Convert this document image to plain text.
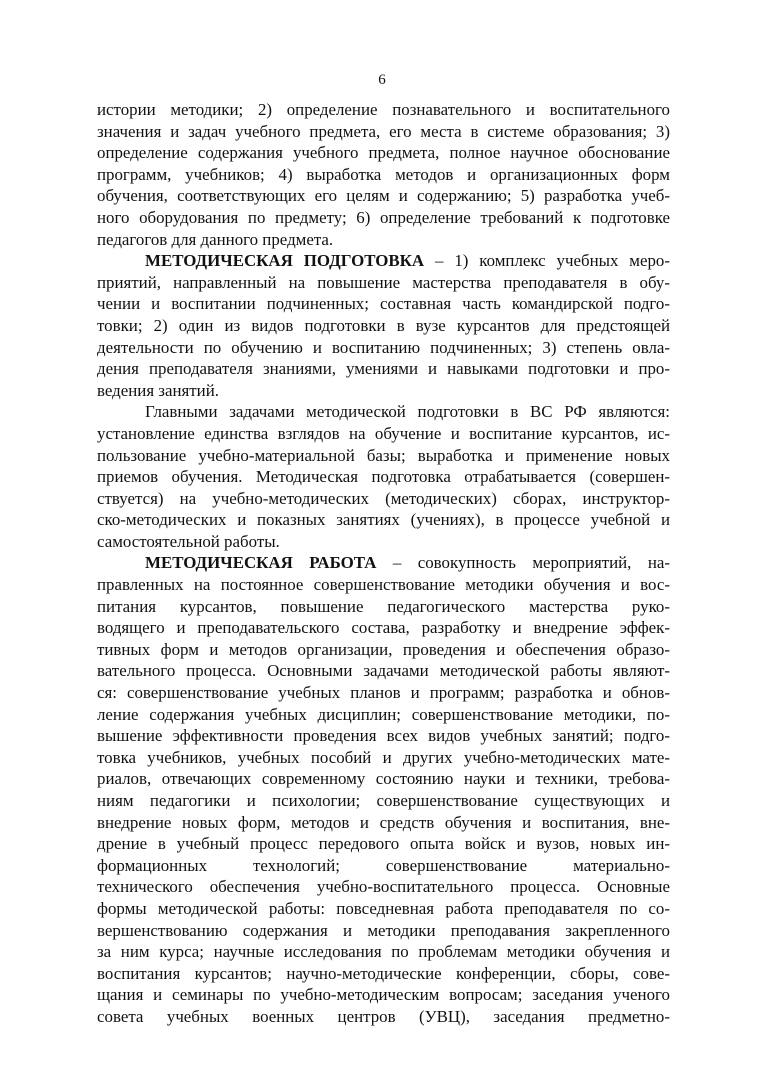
6
истории методики; 2) определение познавательного и воспитательного
значения и задач учебного предмета, его места в системе образования; 3)
определение содержания учебного предмета, полное научное обоснование
программ, учебников; 4) выработка методов и организационных форм
обучения, соответствующих его целям и содержанию; 5) разработка учеб-
ного оборудования по предмету; 6) определение требований к подготовке
педагогов для данного предмета.
МЕТОДИЧЕСКАЯ ПОДГОТОВКА – 1) комплекс учебных меро-
приятий, направленный на повышение мастерства преподавателя в обу-
чении и воспитании подчиненных; составная часть командирской подго-
товки; 2) один из видов подготовки в вузе курсантов для предстоящей
деятельности по обучению и воспитанию подчиненных; 3) степень овла-
дения преподавателя знаниями, умениями и навыками подготовки и про-
ведения занятий.
Главными задачами методической подготовки в ВС РФ являются:
установление единства взглядов на обучение и воспитание курсантов, ис-
пользование учебно-материальной базы; выработка и применение новых
приемов обучения. Методическая подготовка отрабатывается (совершен-
ствуется) на учебно-методических (методических) сборах, инструктор-
ско-методических и показных занятиях (учениях), в процессе учебной и
самостоятельной работы.
МЕТОДИЧЕСКАЯ РАБОТА – совокупность мероприятий, на-
правленных на постоянное совершенствование методики обучения и вос-
питания курсантов, повышение педагогического мастерства руко-
водящего и преподавательского состава, разработку и внедрение эффек-
тивных форм и методов организации, проведения и обеспечения образо-
вательного процесса. Основными задачами методической работы являют-
ся: совершенствование учебных планов и программ; разработка и обнов-
ление содержания учебных дисциплин; совершенствование методики, по-
вышение эффективности проведения всех видов учебных занятий; подго-
товка учебников, учебных пособий и других учебно-методических мате-
риалов, отвечающих современному состоянию науки и техники, требова-
ниям педагогики и психологии; совершенствование существующих и
внедрение новых форм, методов и средств обучения и воспитания, вне-
дрение в учебный процесс передового опыта войск и вузов, новых ин-
формационных технологий; совершенствование материально-
технического обеспечения учебно-воспитательного процесса. Основные
формы методической работы: повседневная работа преподавателя по со-
вершенствованию содержания и методики преподавания закрепленного
за ним курса; научные исследования по проблемам методики обучения и
воспитания курсантов; научно-методические конференции, сборы, сове-
щания и семинары по учебно-методическим вопросам; заседания ученого
совета учебных военных центров (УВЦ), заседания предметно-
